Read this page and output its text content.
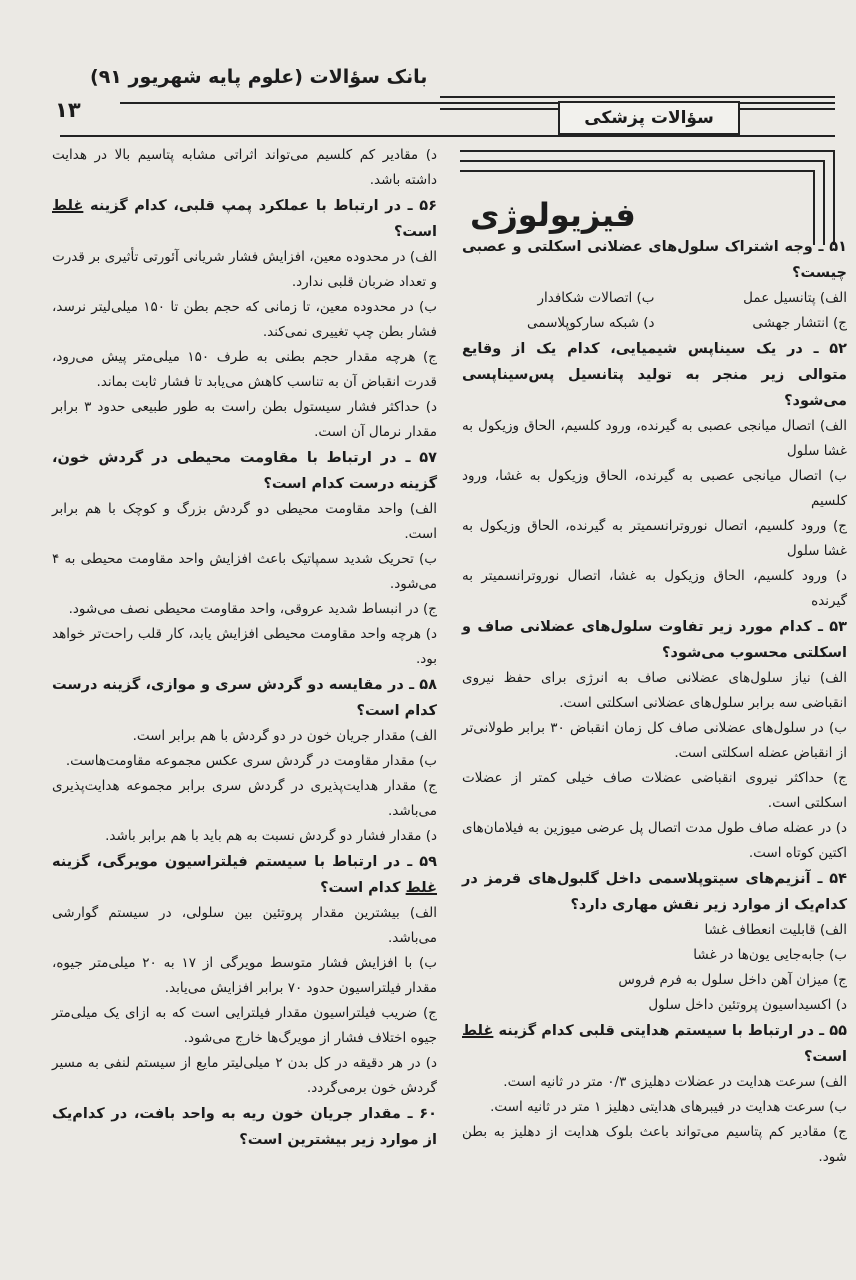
بانک سؤالات (علوم پایه شهریور ۹۱)
۱۳	سؤالات پزشکی
فیزیولوژی

۵۱ ـ وجه اشتراک سلول‌های عضلانی اسکلتی و عصبی چیست؟

الف) پتانسیل عمل
ب) اتصالات شکافدار
ج) انتشار جهشی
د) شبکه سارکوپلاسمی

۵۲ ـ در یک سیناپس شیمیایی، کدام یک از وقایع متوالی زیر منجر به تولید پتانسیل پس‌سیناپسی می‌شود؟

الف) اتصال میانجی عصبی به گیرنده، ورود کلسیم، الحاق وزیکول به غشا سلول

ب) اتصال میانجی عصبی به گیرنده، الحاق وزیکول به غشا، ورود کلسیم

ج) ورود کلسیم، اتصال نوروترانسمیتر به گیرنده، الحاق وزیکول به غشا سلول

د) ورود کلسیم، الحاق وزیکول به غشا، اتصال نوروترانسمیتر به گیرنده

۵۳ ـ کدام مورد زیر تفاوت سلول‌های عضلانی صاف و اسکلتی محسوب می‌شود؟

الف) نیاز سلول‌های عضلانی صاف به انرژی برای حفظ نیروی انقباضی سه برابر سلول‌های عضلانی اسکلتی است.

ب) در سلول‌های عضلانی صاف کل زمان انقباض ۳۰ برابر طولانی‌تر از انقباض عضله اسکلتی است.

ج) حداکثر نیروی انقباضی عضلات صاف خیلی کمتر از عضلات اسکلتی است.

د) در عضله صاف طول مدت اتصال پل عرضی میوزین به فیلامان‌های اکتین کوتاه است.

۵۴ ـ آنزیم‌های سیتوپلاسمی داخل گلبول‌های قرمز در کدام‌یک از موارد زیر نقش مهاری دارد؟

الف) قابلیت انعطاف غشا

ب) جابه‌جایی یون‌ها در غشا

ج) میزان آهن داخل سلول به فرم فروس

د) اکسیداسیون پروتئین داخل سلول

۵۵ ـ در ارتباط با سیستم هدایتی قلبی کدام گزینه غلط است؟

الف) سرعت هدایت در عضلات دهلیزی ۰/۳ متر در ثانیه است.

ب) سرعت هدایت در فیبرهای هدایتی دهلیز ۱ متر در ثانیه است.

ج) مقادیر کم پتاسیم می‌تواند باعث بلوک هدایت از دهلیز به بطن شود.

د) مقادیر کم کلسیم می‌تواند اثراتی مشابه پتاسیم بالا در هدایت داشته باشد.

۵۶ ـ در ارتباط با عملکرد پمپ قلبی، کدام گزینه غلط است؟

الف) در محدوده معین، افزایش فشار شریانی آئورتی تأثیری بر قدرت و تعداد ضربان قلبی ندارد.

ب) در محدوده معین، تا زمانی که حجم بطن تا ۱۵۰ میلی‌لیتر نرسد، فشار بطن چپ تغییری نمی‌کند.

ج) هرچه مقدار حجم بطنی به طرف ۱۵۰ میلی‌متر پیش می‌رود، قدرت انقباض آن به تناسب کاهش می‌یابد تا فشار ثابت بماند.

د) حداکثر فشار سیستول بطن راست به طور طبیعی حدود ۳ برابر مقدار نرمال آن است.

۵۷ ـ در ارتباط با مقاومت محیطی در گردش خون، گزینه درست کدام است؟

الف) واحد مقاومت محیطی دو گردش بزرگ و کوچک با هم برابر است.

ب) تحریک شدید سمپاتیک باعث افزایش واحد مقاومت محیطی به ۴ می‌شود.

ج) در انبساط شدید عروقی، واحد مقاومت محیطی نصف می‌شود.

د) هرچه واحد مقاومت محیطی افزایش یابد، کار قلب راحت‌تر خواهد بود.

۵۸ ـ در مقایسه دو گردش سری و موازی، گزینه درست کدام است؟

الف) مقدار جریان خون در دو گردش با هم برابر است.

ب) مقدار مقاومت در گردش سری عکس مجموعه مقاومت‌هاست.

ج) مقدار هدایت‌پذیری در گردش سری برابر مجموعه هدایت‌پذیری می‌باشد.

د) مقدار فشار دو گردش نسبت به هم باید با هم برابر باشد.

۵۹ ـ در ارتباط با سیستم فیلتراسیون مویرگی، گزینه غلط کدام است؟

الف) بیشترین مقدار پروتئین بین سلولی، در سیستم گوارشی می‌باشد.

ب) با افزایش فشار متوسط مویرگی از ۱۷ به ۲۰ میلی‌متر جیوه، مقدار فیلتراسیون حدود ۷۰ برابر افزایش می‌یابد.

ج) ضریب فیلتراسیون مقدار فیلترایی است که به ازای یک میلی‌متر جیوه اختلاف فشار از مویرگ‌ها خارج می‌شود.

د) در هر دقیقه در کل بدن ۲ میلی‌لیتر مایع از سیستم لنفی به مسیر گردش خون برمی‌گردد.

۶۰ ـ مقدار جریان خون ریه به واحد بافت، در کدام‌یک از موارد زیر بیشترین است؟
